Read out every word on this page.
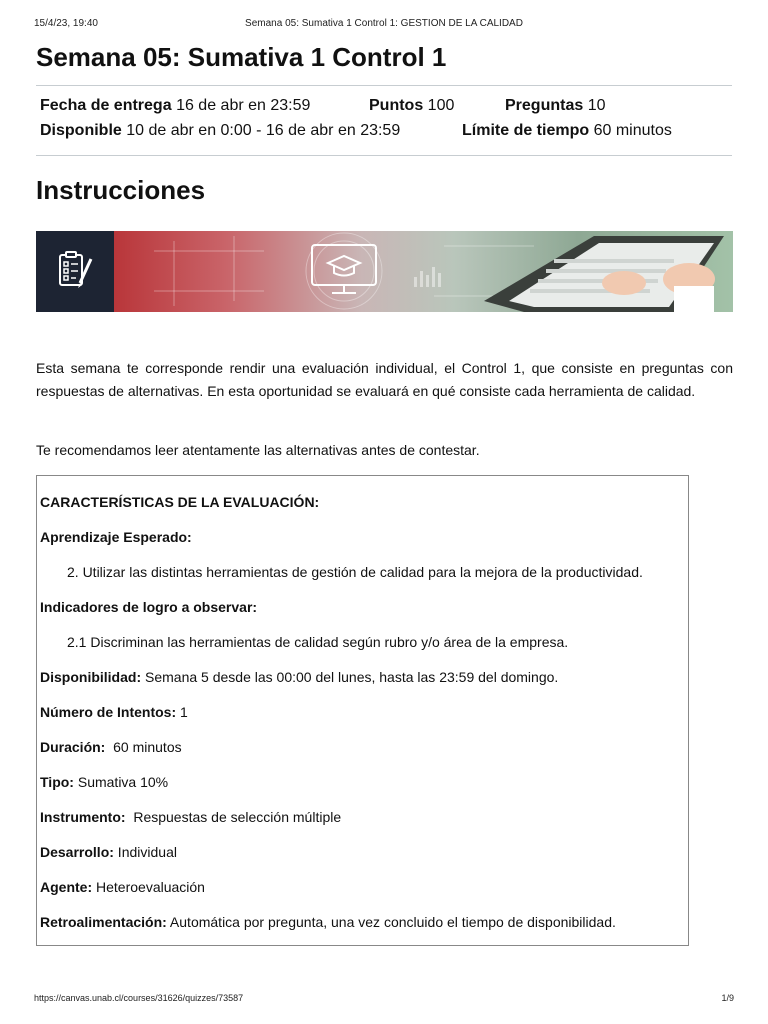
15/4/23, 19:40	Semana 05: Sumativa 1 Control 1: GESTION DE LA CALIDAD
Semana 05: Sumativa 1 Control 1
Fecha de entrega 16 de abr en 23:59	Puntos 100	Preguntas 10
Disponible 10 de abr en 0:00 - 16 de abr en 23:59	Límite de tiempo 60 minutos
Instrucciones

Esta semana te corresponde rendir una evaluación individual, el Control 1, que consiste en preguntas con respuestas de alternativas. En esta oportunidad se evaluará en qué consiste cada herramienta de calidad.

Te recomendamos leer atentamente las alternativas antes de contestar.

CARACTERÍSTICAS DE LA EVALUACIÓN:
Aprendizaje Esperado:
2. Utilizar las distintas herramientas de gestión de calidad para la mejora de la productividad.
Indicadores de logro a observar:
2.1 Discriminan las herramientas de calidad según rubro y/o área de la empresa.
Disponibilidad: Semana 5 desde las 00:00 del lunes, hasta las 23:59 del domingo.
Número de Intentos: 1
Duración:  60 minutos
Tipo: Sumativa 10%
Instrumento:  Respuestas de selección múltiple
Desarrollo: Individual
Agente: Heteroevaluación
Retroalimentación: Automática por pregunta, una vez concluido el tiempo de disponibilidad.
https://canvas.unab.cl/courses/31626/quizzes/73587	1/9
